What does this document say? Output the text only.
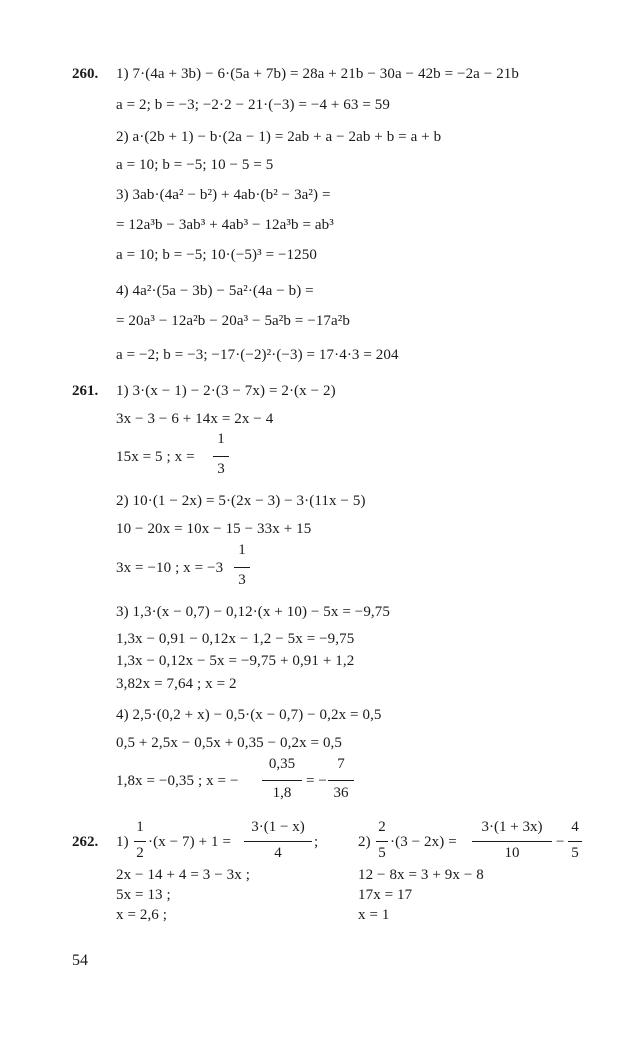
260. 1) 7·(4a + 3b) − 6·(5a + 7b) = 28a + 21b − 30a − 42b = −2a − 21b
a = 2; b = −3; −2·2 − 21·(−3) = −4 + 63 = 59
2) a·(2b + 1) − b·(2a − 1) = 2ab + a − 2ab + b = a + b
a = 10; b = −5; 10 − 5 = 5
3) 3ab·(4a² − b²) + 4ab·(b² − 3a²) =
= 12a³b − 3ab³ + 4ab³ − 12a³b = ab³
a = 10; b = −5; 10·(−5)³ = −1250
4) 4a²·(5a − 3b) − 5a²·(4a − b) =
= 20a³ − 12a²b − 20a³ − 5a²b = −17a²b
a = −2; b = −3; −17·(−2)²·(−3) = 17·4·3 = 204
261. 1) 3·(x − 1) − 2·(3 − 7x) = 2·(x − 2)
3x − 3 − 6 + 14x = 2x − 4
15x = 5 ; x =
1
3
2) 10·(1 − 2x) = 5·(2x − 3) − 3·(11x − 5)
10 − 20x = 10x − 15 − 33x + 15
3x = −10 ; x = −3
1
3
3) 1,3·(x − 0,7) − 0,12·(x + 10) − 5x = −9,75
1,3x − 0,91 − 0,12x − 1,2 − 5x = −9,75
1,3x − 0,12x − 5x = −9,75 + 0,91 + 1,2
3,82x = 7,64 ; x = 2
4) 2,5·(0,2 + x) − 0,5·(x − 0,7) − 0,2x = 0,5
0,5 + 2,5x − 0,5x + 0,35 − 0,2x = 0,5
1,8x = −0,35 ; x = −
0,35
1,8
= −
7
36
262. 1)
1
2
·(x − 7) + 1 =
3·(1 − x)
4
;
2x − 14 + 4 = 3 − 3x ;
5x = 13 ;
x = 2,6 ;
2)
2
5
·(3 − 2x) =
3·(1 + 3x)
10
−
4
5
12 − 8x = 3 + 9x − 8
17x = 17
x = 1
54
